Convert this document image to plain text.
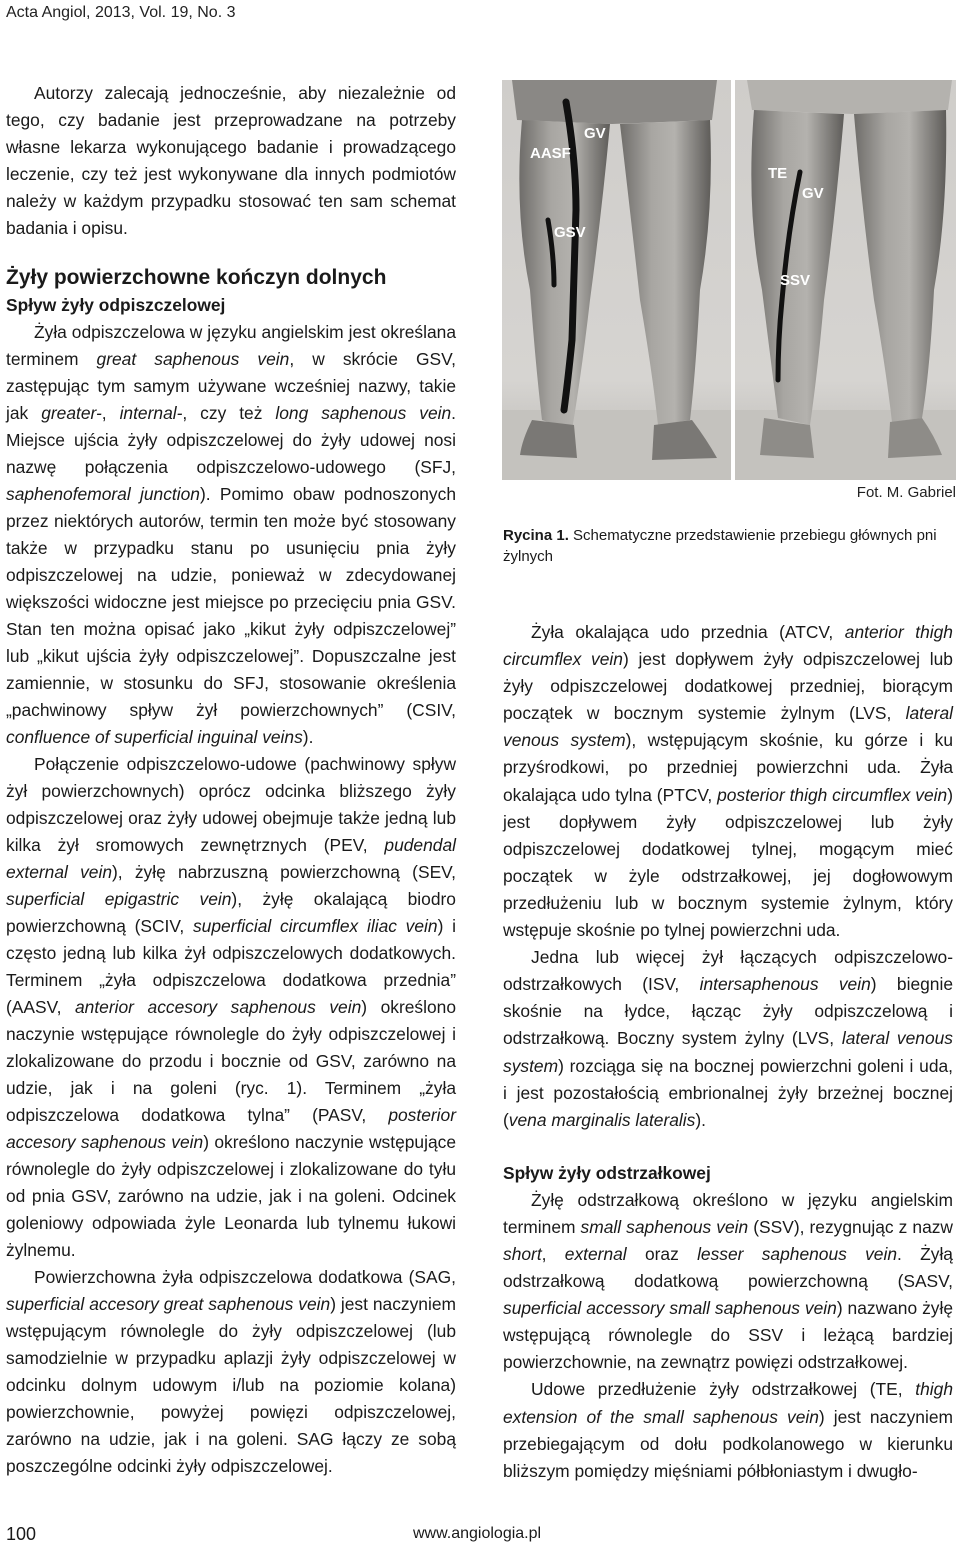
Acta Angiol, 2013, Vol. 19, No. 3

Autorzy zalecają jednocześnie, aby niezależnie od tego, czy badanie jest przeprowadzane na potrzeby własne lekarza wykonującego badanie i prowadzącego leczenie, czy też jest wykonywane dla innych podmiotów należy w każdym przypadku stosować ten sam schemat badania i opisu.

Żyły powierzchowne kończyn dolnych
Spływ żyły odpiszczelowej

Żyła odpiszczelowa w języku angielskim jest określana terminem great saphenous vein, w skrócie GSV, zastępując tym samym używane wcześniej nazwy, takie jak greater-, internal-, czy też long saphenous vein. Miejsce ujścia żyły odpiszczelowej do żyły udowej nosi nazwę połączenia odpiszczelowo-udowego (SFJ, saphenofemoral junction). Pomimo obaw podnoszonych przez niektórych autorów, termin ten może być stosowany także w przypadku stanu po usunięciu pnia żyły odpiszczelowej na udzie, ponieważ w zdecydowanej większości widoczne jest miejsce po przecięciu pnia GSV. Stan ten można opisać jako „kikut żyły odpiszczelowej” lub „kikut ujścia żyły odpiszczelowej”. Dopuszczalne jest zamiennie, w stosunku do SFJ, stosowanie określenia „pachwinowy spływ żył powierzchownych” (CSIV, confluence of superficial inguinal veins).

Połączenie odpiszczelowo-udowe (pachwinowy spływ żył powierzchownych) oprócz odcinka bliższego żyły odpiszczelowej oraz żyły udowej obejmuje także jedną lub kilka żył sromowych zewnętrznych (PEV, pudendal external vein), żyłę nabrzuszną powierzchowną (SEV, superficial epigastric vein), żyłę okalającą biodro powierzchowną (SCIV, superficial circumflex iliac vein) i często jedną lub kilka żył odpiszczelowych dodatkowych. Terminem „żyła odpiszczelowa dodatkowa przednia” (AASV, anterior accesory saphenous vein) określono naczynie wstępujące równolegle do żyły odpiszczelowej i zlokalizowane do przodu i bocznie od GSV, zarówno na udzie, jak i na goleni (ryc. 1). Terminem „żyła odpiszczelowa dodatkowa tylna” (PASV, posterior accesory saphenous vein) określono naczynie wstępujące równolegle do żyły odpiszczelowej i zlokalizowane do tyłu od pnia GSV, zarówno na udzie, jak i na goleni. Odcinek goleniowy odpowiada żyle Leonarda lub tylnemu łukowi żylnemu.

Powierzchowna żyła odpiszczelowa dodatkowa (SAG, superficial accesory great saphenous vein) jest naczyniem wstępującym równolegle do żyły odpiszczelowej (lub samodzielnie w przypadku aplazji żyły odpiszczelowej w odcinku dolnym udowym i/lub na poziomie kolana) powierzchownie, powyżej powięzi odpiszczelowej, zarówno na udzie, jak i na goleni. SAG łączy ze sobą poszczególne odcinki żyły odpiszczelowej.

AASF
GV
GSV
TE
GV
SSV
Fot. M. Gabriel
Rycina 1. Schematyczne przedstawienie przebiegu głównych pni żylnych

Żyła okalająca udo przednia (ATCV, anterior thigh circumflex vein) jest dopływem żyły odpiszczelowej lub żyły odpiszczelowej dodatkowej przedniej, biorącym początek w bocznym systemie żylnym (LVS, lateral venous system), wstępującym skośnie, ku górze i ku przyśrodkowi, po przedniej powierzchni uda. Żyła okalająca udo tylna (PTCV, posterior thigh circumflex vein) jest dopływem żyły odpiszczelowej lub żyły odpiszczelowej dodatkowej tylnej, mogącym mieć początek w żyle odstrzałkowej, jej dogłowowym przedłużeniu lub w bocznym systemie żylnym, który wstępuje skośnie po tylnej powierzchni uda.

Jedna lub więcej żył łączących odpiszczelowo-odstrzałkowych (ISV, intersaphenous vein) biegnie skośnie na łydce, łącząc żyły odpiszczelową i odstrzałkową. Boczny system żylny (LVS, lateral venous system) rozciąga się na bocznej powierzchni goleni i uda, i jest pozostałością embrionalnej żyły brzeżnej bocznej (vena marginalis lateralis).

Spływ żyły odstrzałkowej

Żyłę odstrzałkową określono w języku angielskim terminem small saphenous vein (SSV), rezygnując z nazw short, external oraz lesser saphenous vein. Żyłą odstrzałkową dodatkową powierzchowną (SASV, superficial accessory small saphenous vein) nazwano żyłę wstępującą równolegle do SSV i leżącą bardziej powierzchownie, na zewnątrz powięzi odstrzałkowej.

Udowe przedłużenie żyły odstrzałkowej (TE, thigh extension of the small saphenous vein) jest naczyniem przebiegającym od dołu podkolanowego w kierunku bliższym pomiędzy mięśniami półbłoniastym i dwugło-

100	www.angiologia.pl
